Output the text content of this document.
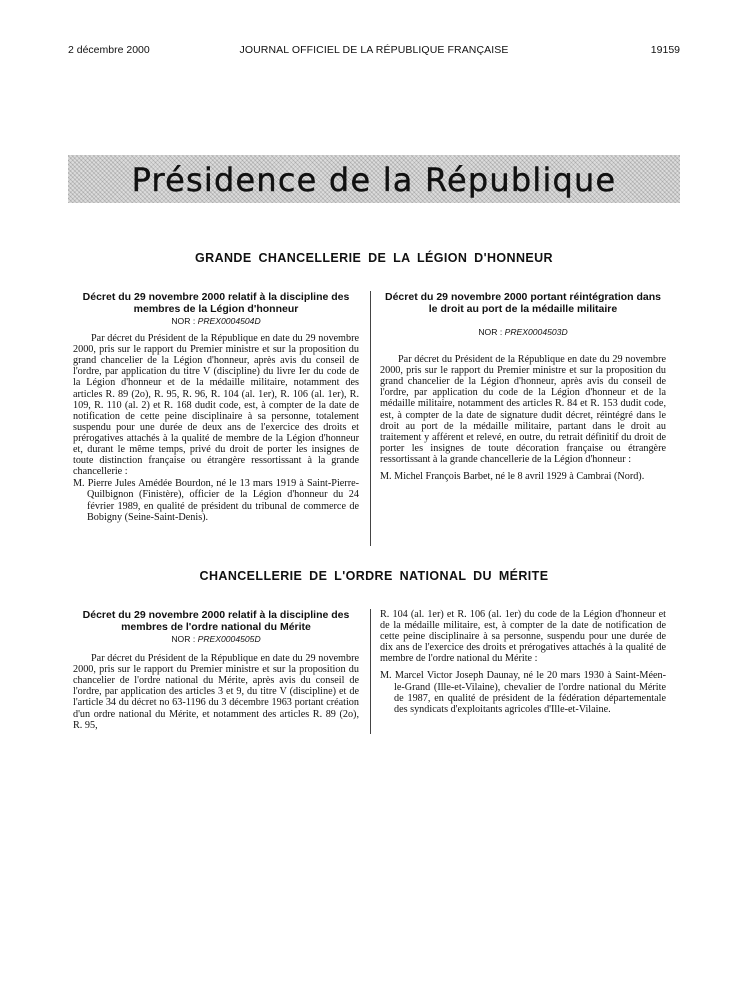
2 décembre 2000	JOURNAL OFFICIEL DE LA RÉPUBLIQUE FRANÇAISE	19159
Présidence de la République
GRANDE CHANCELLERIE DE LA LÉGION D'HONNEUR
Décret du 29 novembre 2000 relatif à la discipline des membres de la Légion d'honneur
NOR : PREX0004504D

Par décret du Président de la République en date du 29 novembre 2000, pris sur le rapport du Premier ministre et sur la proposition du grand chancelier de la Légion d'honneur, après avis du conseil de l'ordre, par application du titre V (discipline) du livre Ier du code de la Légion d'honneur et de la médaille militaire, notamment des articles R. 89 (2o), R. 95, R. 96, R. 104 (al. 1er), R. 106 (al. 1er), R. 109, R. 110 (al. 2) et R. 168 dudit code, est, à compter de la date de notification de cette peine disciplinaire à sa personne, totalement suspendu pour une durée de deux ans de l'exercice des droits et prérogatives attachés à la qualité de membre de la Légion d'honneur et, durant le même temps, privé du droit de porter les insignes de toute distinction française ou étrangère ressortissant à la grande chancellerie :

M. Pierre Jules Amédée Bourdon, né le 13 mars 1919 à Saint-Pierre-Quilbignon (Finistère), officier de la Légion d'honneur du 24 février 1989, en qualité de président du tribunal de commerce de Bobigny (Seine-Saint-Denis).

Décret du 29 novembre 2000 portant réintégration dans le droit au port de la médaille militaire
NOR : PREX0004503D

Par décret du Président de la République en date du 29 novembre 2000, pris sur le rapport du Premier ministre et sur la proposition du grand chancelier de la Légion d'honneur, après avis du conseil de l'ordre, par application du code de la Légion d'honneur et de la médaille militaire, notamment des articles R. 84 et R. 153 dudit code, est, à compter de la date de signature dudit décret, réintégré dans le droit au port de la médaille militaire, partant dans le droit au traitement y afférent et relevé, en outre, du retrait définitif du droit de porter les insignes de toute décoration française ou étrangère ressortissant à la grande chancellerie de la Légion d'honneur :

M. Michel François Barbet, né le 8 avril 1929 à Cambrai (Nord).

CHANCELLERIE DE L'ORDRE NATIONAL DU MÉRITE
Décret du 29 novembre 2000 relatif à la discipline des membres de l'ordre national du Mérite
NOR : PREX0004505D

Par décret du Président de la République en date du 29 novembre 2000, pris sur le rapport du Premier ministre et sur la proposition du chancelier de l'ordre national du Mérite, après avis du conseil de l'ordre, par application des articles 3 et 9, du titre V (discipline) et de l'article 34 du décret no 63-1196 du 3 décembre 1963 portant création d'un ordre national du Mérite, et notamment des articles R. 89 (2o), R. 95,

R. 104 (al. 1er) et R. 106 (al. 1er) du code de la Légion d'honneur et de la médaille militaire, est, à compter de la date de notification de cette peine disciplinaire à sa personne, suspendu pour une durée de dix ans de l'exercice des droits et prérogatives attachés à la qualité de membre de l'ordre national du Mérite :

M. Marcel Victor Joseph Daunay, né le 20 mars 1930 à Saint-Méen-le-Grand (Ille-et-Vilaine), chevalier de l'ordre national du Mérite de 1987, en qualité de président de la fédération départementale des syndicats d'exploitants agricoles d'Ille-et-Vilaine.
